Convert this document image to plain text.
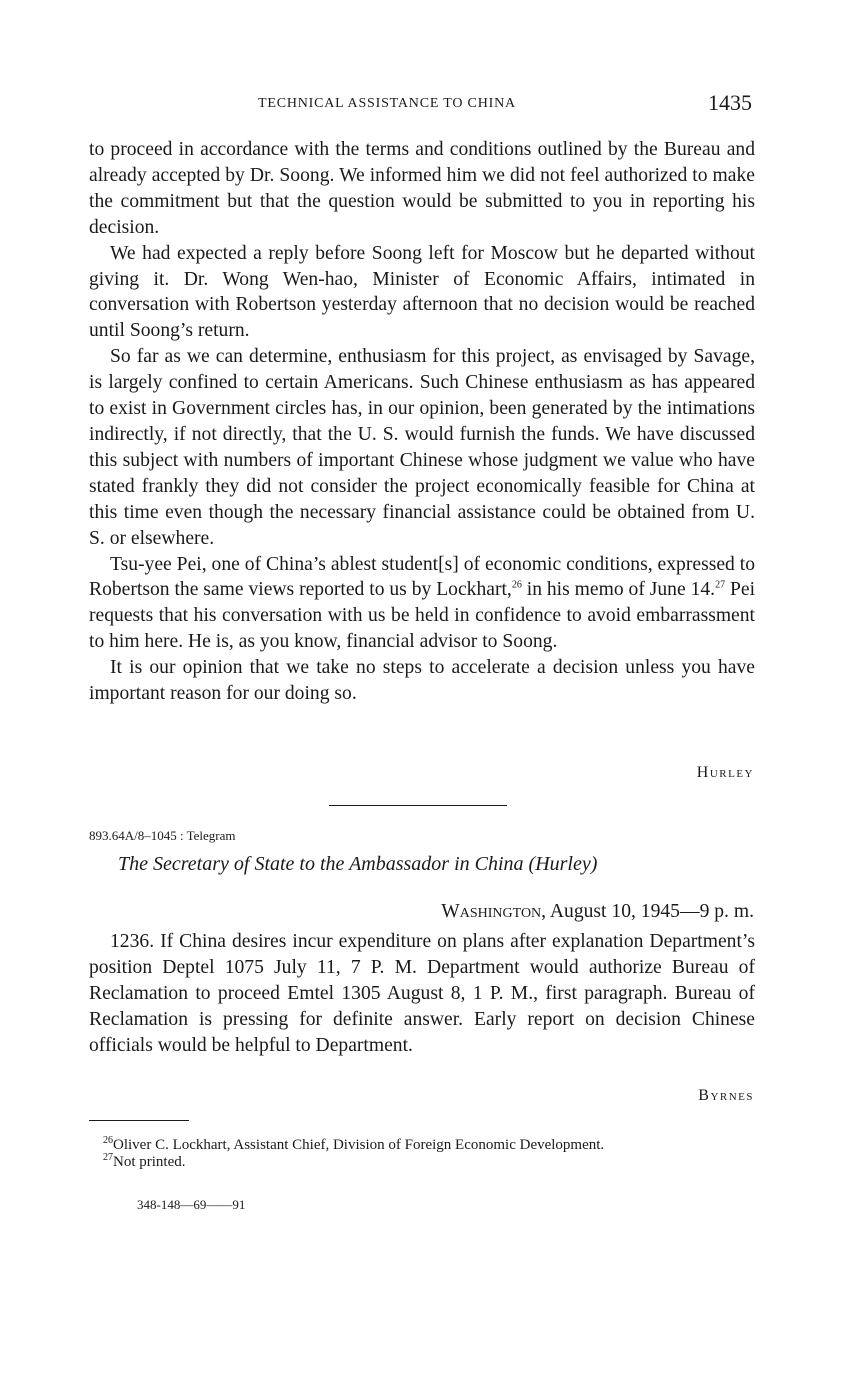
TECHNICAL ASSISTANCE TO CHINA	1435

to proceed in accordance with the terms and conditions outlined by the Bureau and already accepted by Dr. Soong. We informed him we did not feel authorized to make the commitment but that the question would be submitted to you in reporting his decision.

We had expected a reply before Soong left for Moscow but he departed without giving it. Dr. Wong Wen-hao, Minister of Economic Affairs, intimated in conversation with Robertson yesterday afternoon that no decision would be reached until Soong’s return.

So far as we can determine, enthusiasm for this project, as envisaged by Savage, is largely confined to certain Americans. Such Chinese enthusiasm as has appeared to exist in Government circles has, in our opinion, been generated by the intimations indirectly, if not directly, that the U. S. would furnish the funds. We have discussed this subject with numbers of important Chinese whose judgment we value who have stated frankly they did not consider the project economically feasible for China at this time even though the necessary financial assistance could be obtained from U. S. or elsewhere.

Tsu-yee Pei, one of China’s ablest student[s] of economic conditions, expressed to Robertson the same views reported to us by Lockhart,$^{26}$ in his memo of June 14.27 Pei requests that his conversation with us be held in confidence to avoid embarrassment to him here. He is, as you know, financial advisor to Soong.

It is our opinion that we take no steps to accelerate a decision unless you have important reason for our doing so.

Hurley
893.64A/8–1045 : Telegram
The Secretary of State to the Ambassador in China (Hurley)
Washington, August 10, 1945—9 p. m.

1236. If China desires incur expenditure on plans after explanation Department’s position Deptel 1075 July 11, 7 P. M. Department would authorize Bureau of Reclamation to proceed Emtel 1305 August 8, 1 P. M., first paragraph. Bureau of Reclamation is pressing for definite answer. Early report on decision Chinese officials would be helpful to Department.

Byrnes
$^{26}$Oliver C. Lockhart, Assistant Chief, Division of Foreign Economic Development.
$^{27}$Not printed.
348-148—69——91
